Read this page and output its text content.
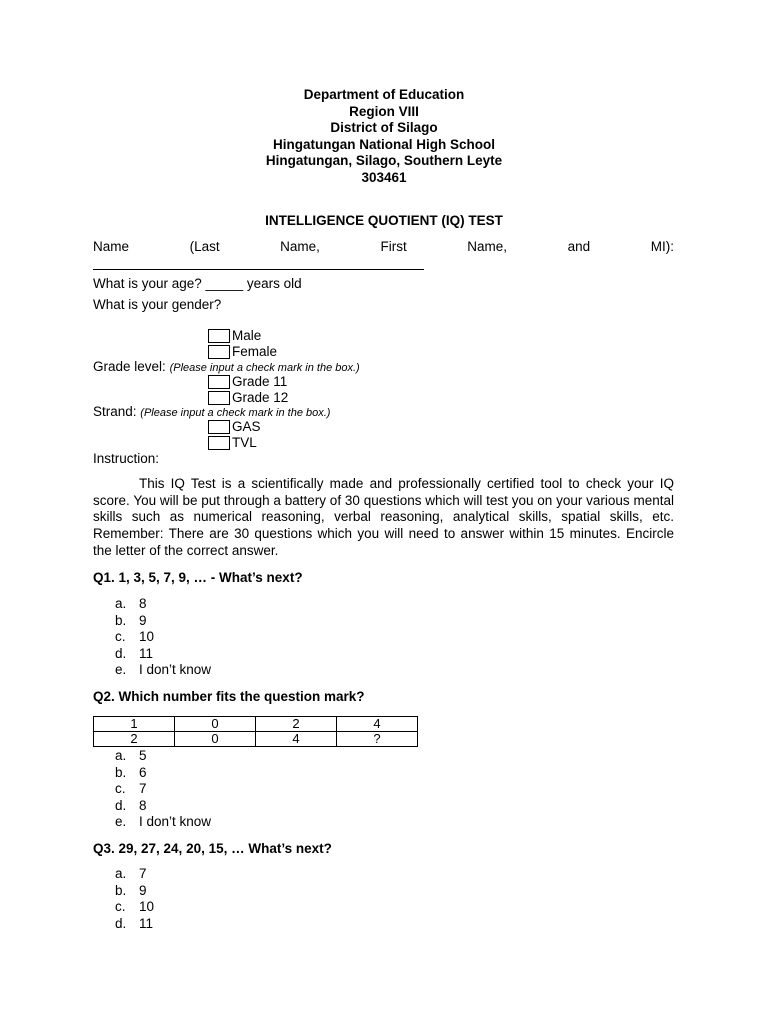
Department of Education
Region VIII
District of Silago
Hingatungan National High School
Hingatungan, Silago, Southern Leyte
303461
INTELLIGENCE QUOTIENT (IQ) TEST
Name	(Last	Name,	First	Name,	and	MI):
What is your age? _____ years old
What is your gender?
Male
Female
Grade level: (Please input a check mark in the box.)
Grade 11
Grade 12
Strand: (Please input a check mark in the box.)
GAS
TVL
Instruction:
This IQ Test is a scientifically made and professionally certified tool to check your IQ score. You will be put through a battery of 30 questions which will test you on your various mental skills such as numerical reasoning, verbal reasoning, analytical skills, spatial skills, etc. Remember: There are 30 questions which you will need to answer within 15 minutes. Encircle the letter of the correct answer.
Q1. 1, 3, 5, 7, 9, … - What’s next?
a. 8
b. 9
c. 10
d. 11
e. I don’t know
Q2. Which number fits the question mark?
1	0	2	4
2	0	4	?
a. 5
b. 6
c. 7
d. 8
e. I don’t know
Q3. 29, 27, 24, 20, 15, … What’s next?
a. 7
b. 9
c. 10
d. 11
